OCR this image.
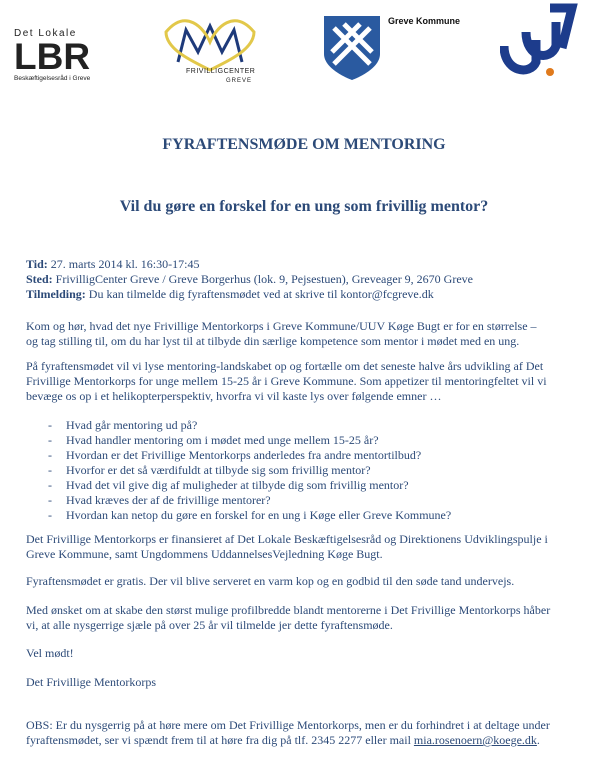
Det Lokale
LBR
Beskæftigelsesråd i Greve
FRIVILLIGCENTER
GREVE
Greve Kommune
FYRAFTENSMØDE OM MENTORING
Vil du gøre en forskel for en ung som frivillig mentor?
Tid: 27. marts 2014 kl. 16:30-17:45
Sted: FrivilligCenter Greve / Greve Borgerhus (lok. 9, Pejsestuen), Greveager 9, 2670 Greve
Tilmelding: Du kan tilmelde dig fyraftensmødet ved at skrive til kontor@fcgreve.dk
Kom og hør, hvad det nye Frivillige Mentorkorps i Greve Kommune/UUV Køge Bugt er for en størrelse –
og tag stilling til, om du har lyst til at tilbyde din særlige kompetence som mentor i mødet med en ung.
På fyraftensmødet vil vi lyse mentoring-landskabet op og fortælle om det seneste halve års udvikling af Det
Frivillige Mentorkorps for unge mellem 15-25 år i Greve Kommune. Som appetizer til mentoringfeltet vil vi
bevæge os op i et helikopterperspektiv, hvorfra vi vil kaste lys over følgende emner …
- Hvad går mentoring ud på?
- Hvad handler mentoring om i mødet med unge mellem 15-25 år?
- Hvordan er det Frivillige Mentorkorps anderledes fra andre mentortilbud?
- Hvorfor er det så værdifuldt at tilbyde sig som frivillig mentor?
- Hvad det vil give dig af muligheder at tilbyde dig som frivillig mentor?
- Hvad kræves der af de frivillige mentorer?
- Hvordan kan netop du gøre en forskel for en ung i Køge eller Greve Kommune?
Det Frivillige Mentorkorps er finansieret af Det Lokale Beskæftigelsesråd og Direktionens Udviklingspulje i
Greve Kommune, samt Ungdommens UddannelsesVejledning Køge Bugt.
Fyraftensmødet er gratis. Der vil blive serveret en varm kop og en godbid til den søde tand undervejs.
Med ønsket om at skabe den størst mulige profilbredde blandt mentorerne i Det Frivillige Mentorkorps håber
vi, at alle nysgerrige sjæle på over 25 år vil tilmelde jer dette fyraftensmøde.
Vel mødt!
Det Frivillige Mentorkorps
OBS: Er du nysgerrig på at høre mere om Det Frivillige Mentorkorps, men er du forhindret i at deltage under
fyraftensmødet, ser vi spændt frem til at høre fra dig på tlf. 2345 2277 eller mail mia.rosenoern@koege.dk.
